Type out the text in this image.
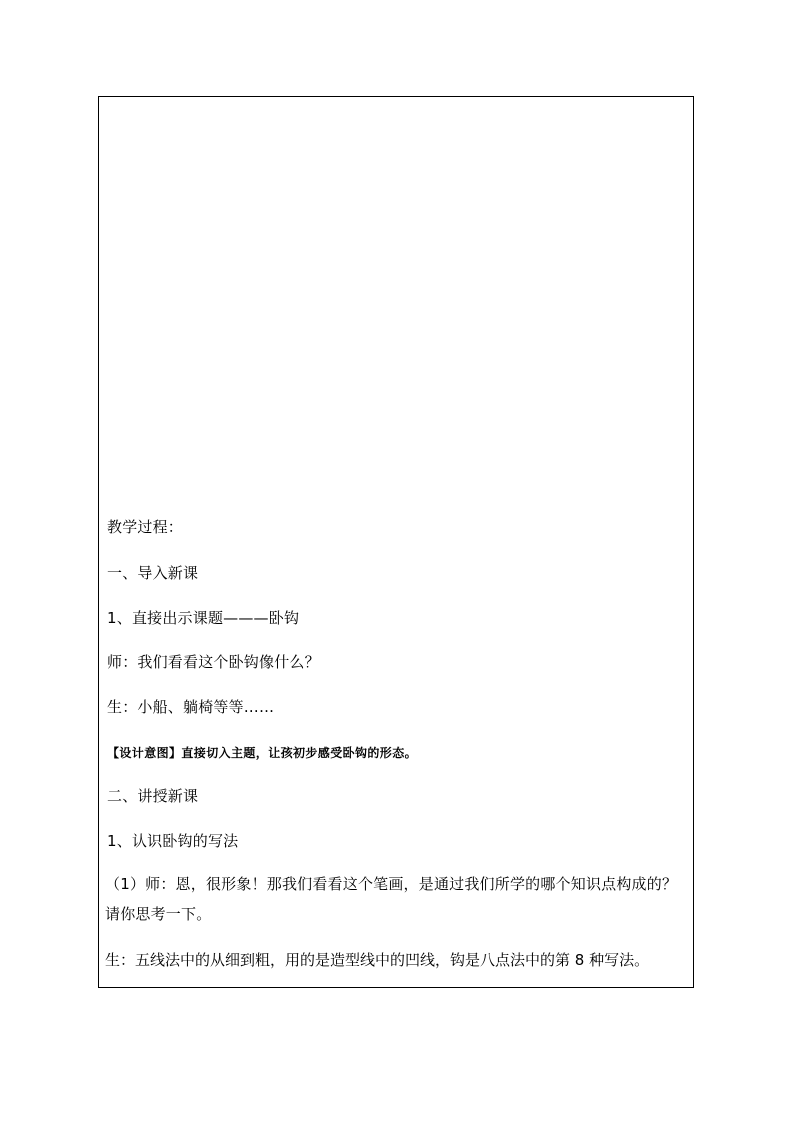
教学过程：
一、导入新课
1、直接出示课题———卧钩
师：我们看看这个卧钩像什么？
生：小船、躺椅等等……
【设计意图】直接切入主题，让孩初步感受卧钩的形态。
二、讲授新课
1、认识卧钩的写法
（1）师：恩，很形象！那我们看看这个笔画，是通过我们所学的哪个知识点构成的？请你思考一下。
生：五线法中的从细到粗，用的是造型线中的凹线，钩是八点法中的第 8 种写法。
